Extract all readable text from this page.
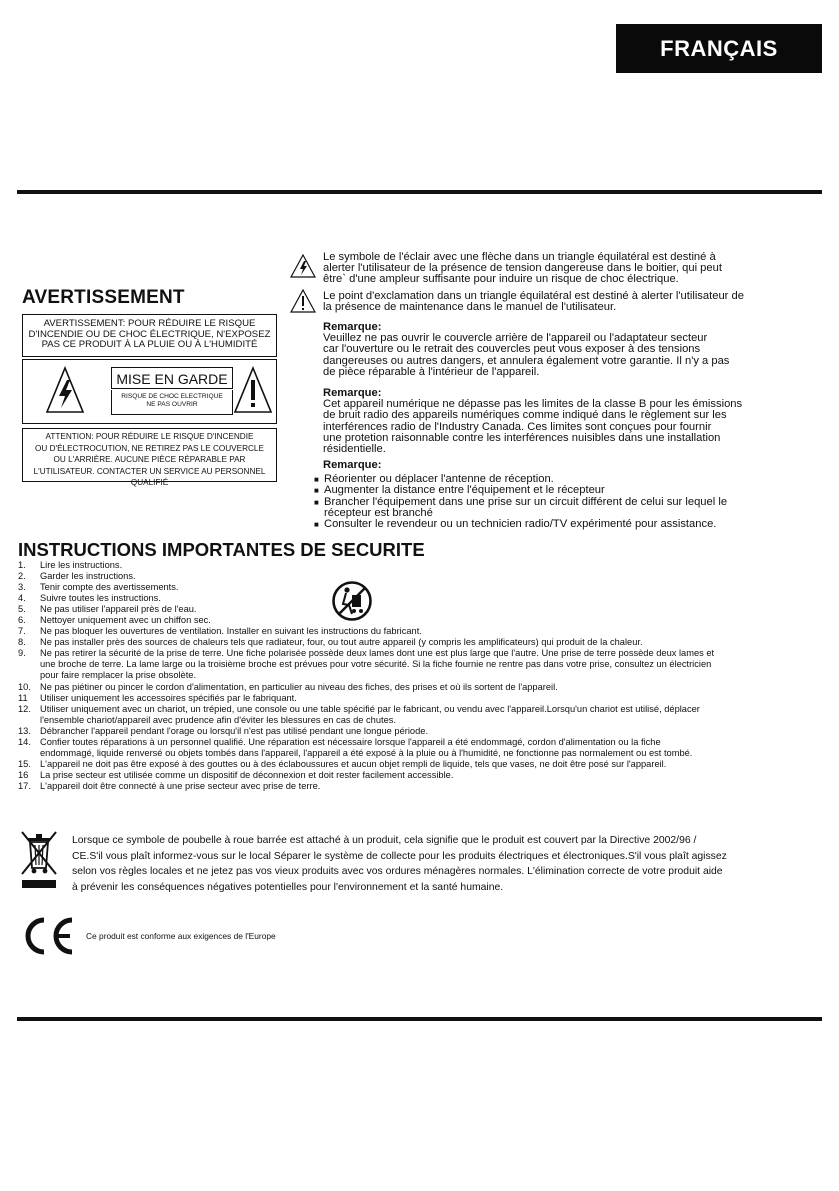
FRANÇAIS
AVERTISSEMENT
AVERTISSEMENT: POUR RÉDUIRE LE RISQUE
D'INCENDIE OU DE CHOC ÉLECTRIQUE, N'EXPOSEZ
PAS CE PRODUIT À LA PLUIE OU À L'HUMIDITÉ
MISE EN GARDE
RISQUE DE CHOC ELECTRIQUE
NE PAS OUVRIR
ATTENTION: POUR RÉDUIRE LE RISQUE D'INCENDIE
OU D'ÉLECTROCUTION, NE RETIREZ PAS LE COUVERCLE
OU L'ARRIÈRE. AUCUNE PIÈCE RÉPARABLE PAR
L'UTILISATEUR. CONTACTER UN SERVICE AU PERSONNEL QUALIFIÉ
Le symbole de l'éclair avec une flèche dans un triangle équilatéral est destiné à
alerter l'utilisateur de la présence de tension dangereuse dans le boitier, qui peut
être` d'une ampleur suffisante pour induire un risque de choc électrique.
Le point d'exclamation dans un triangle équilatéral est destiné à alerter l'utilisateur de
la présence de maintenance dans le manuel de l'utilisateur.
Remarque:
Veuillez ne pas ouvrir le couvercle arrière de l'appareil ou l'adaptateur secteur
car l'ouverture ou le retrait des couvercles peut vous exposer à des tensions
dangereuses ou autres dangers, et annulera également votre garantie. Il n'y a pas
de pièce réparable à l'intérieur de l'appareil.
Remarque:
Cet appareil numérique ne dépasse pas les limites de la classe B pour les émissions
de bruit radio des appareils numériques comme indiqué dans le règlement sur les
interférences radio de l'Industry Canada. Ces limites sont conçues pour fournir
une protetion raisonnable contre les interférences nuisibles dans une installation
résidentielle.
Remarque:
■ Réorienter ou déplacer l'antenne de réception.
■ Augmenter la distance entre l'équipement et le récepteur
■ Brancher l'équipement dans une prise sur un circuit différent de celui sur lequel le
récepteur est branché
■ Consulter le revendeur ou un technicien radio/TV expérimenté pour assistance.
INSTRUCTIONS IMPORTANTES DE SECURITE
1.	Lire les instructions.
2.	Garder les instructions.
3.	Tenir compte des avertissements.
4.	Suivre toutes les instructions.
5.	Ne pas utiliser l'appareil près de l'eau.
6.	Nettoyer uniquement avec un chiffon sec.
7.	Ne pas bloquer les ouvertures de ventilation. Installer en suivant les instructions du fabricant.
8.	Ne pas installer près des sources de chaleurs tels que radiateur, four, ou tout autre appareil (y compris les amplificateurs) qui produit de la chaleur.
9.	Ne pas retirer la sécurité de la prise de terre. Une fiche polarisée possède deux lames dont une est plus large que l'autre. Une prise de terre possède deux lames et
une broche de terre. La lame large ou la troisième broche est prévues pour votre sécurité. Si la fiche fournie ne rentre pas dans votre prise, consultez un électricien
pour faire remplacer la prise obsolète.
10. Ne pas piétiner ou pincer le cordon d'alimentation, en particulier au niveau des fiches, des prises et où ils sortent de l'appareil.
11	Utiliser uniquement les accessoires spécifiés par le fabriquant.
12. Utiliser uniquement avec un chariot, un trépied, une console ou une table spécifié par le fabricant, ou vendu avec l'appareil.Lorsqu'un chariot est utilisé, déplacer
l'ensemble chariot/appareil avec prudence afin d'éviter les blessures en cas de chutes.
13. Débrancher l'appareil pendant l'orage ou lorsqu'il n'est pas utilisé pendant une longue période.
14. Confier toutes réparations à un personnel qualifié. Une réparation est nécessaire lorsque l'appareil a été endommagé, cordon d'alimentation ou la fiche
endommagé, liquide renversé ou objets tombés dans l'appareil, l'appareil a été exposé à la pluie ou à l'humidité, ne fonctionne pas normalement ou est tombé.
15. L'appareil ne doit pas être exposé à des gouttes ou à des éclaboussures et aucun objet rempli de liquide, tels que vases, ne doit être posé sur l'appareil.
16	La prise secteur est utilisée comme un dispositif de déconnexion et doit rester facilement accessible.
17. L'appareil doit être connecté à une prise secteur avec prise de terre.
Lorsque ce symbole de poubelle à roue barrée est attaché à un produit, cela signifie que le produit est couvert par la Directive 2002/96 /
CE.S'il vous plaît informez-vous sur le local Séparer le système de collecte pour les produits électriques et électroniques.S'il vous plaît agissez
selon vos règles locales et ne jetez pas vos vieux produits avec vos ordures ménagères normales. L'élimination correcte de votre produit aide
à prévenir les conséquences négatives potentielles pour l'environnement et la santé humaine.
Ce produit est conforme aux exigences de l'Europe
